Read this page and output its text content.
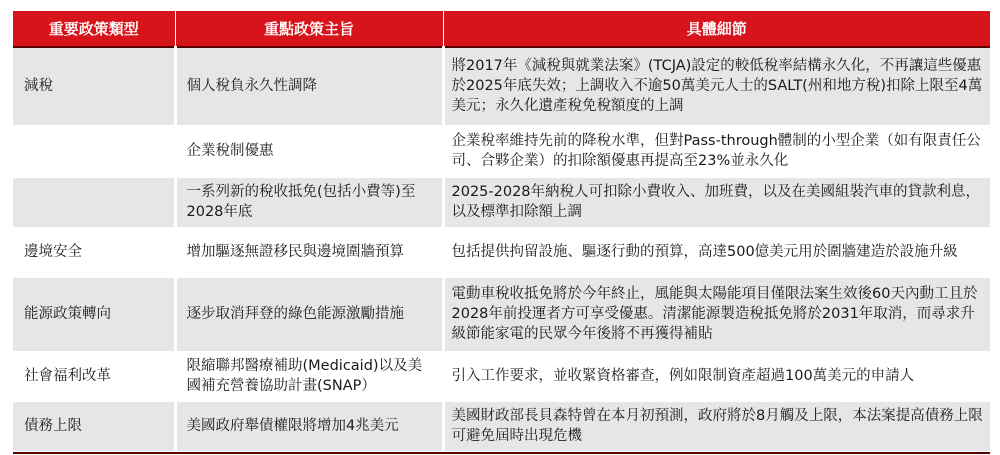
重要政策類型	重點政策主旨	具體細節
減稅	個人稅負永久性調降	將2017年《減稅與就業法案》(TCJA)設定的較低稅率結構永久化，不再讓這些優惠於2025年底失效；上調收入不逾50萬美元人士的SALT(州和地方稅)扣除上限至4萬美元；永久化遺產稅免稅額度的上調
	企業稅制優惠	企業稅率維持先前的降稅水準，但對Pass-through體制的小型企業（如有限責任公司、合夥企業）的扣除額優惠再提高至23%並永久化
	一系列新的稅收抵免(包括小費等)至2028年底	2025-2028年納稅人可扣除小費收入、加班費，以及在美國組裝汽車的貸款利息，以及標準扣除額上調
邊境安全	增加驅逐無證移民與邊境圍牆預算	包括提供拘留設施、驅逐行動的預算，高達500億美元用於圍牆建造於設施升級
能源政策轉向	逐步取消拜登的綠色能源激勵措施	電動車稅收抵免將於今年終止，風能與太陽能項目僅限法案生效後60天內動工且於2028年前投運者方可享受優惠。清潔能源製造稅抵免將於2031年取消，而尋求升級節能家電的民眾今年後將不再獲得補貼
社會福利改革	限縮聯邦醫療補助(Medicaid)以及美國補充營養協助計畫(SNAP）	引入工作要求，並收緊資格審查，例如限制資產超過100萬美元的申請人
債務上限	美國政府舉債權限將增加4兆美元	美國財政部長貝森特曾在本月初預測，政府將於8月觸及上限，本法案提高債務上限可避免屆時出現危機
